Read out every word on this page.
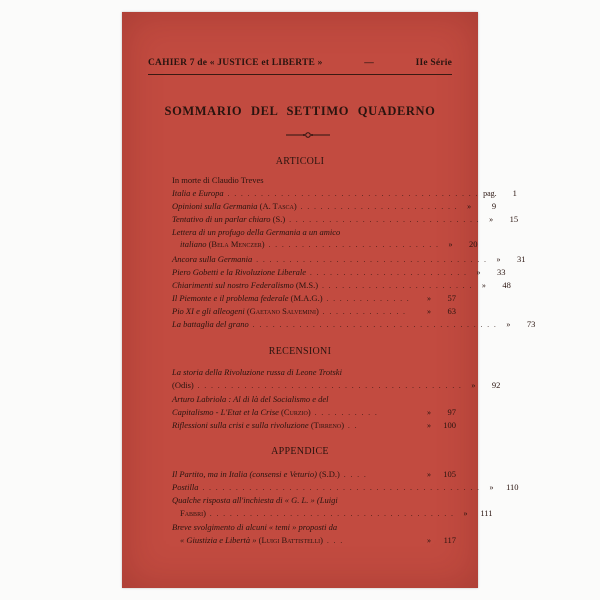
CAHIER 7 de « JUSTICE et LIBERTE »	—	IIe Série
SOMMARIO DEL SETTIMO QUADERNO
ARTICOLI
In morte di Claudio Treves
Italia e Europa . . . . . . . . . . . . . . . . . . . . . . . . . . . . . . . . . . . . . . pag.	1
Opinioni sulla Germania
(A. Tasca) . . . . . . . . . . . . . . . . . . . . . . . .	»	9
Tentativo di un parlar chiaro
(S.) . . . . . . . . . . . . . . . . . . . . . . . . . . . . .	»	15
Lettera di un profugo della Germania a un amico
italiano
(Bela Menczer) . . . . . . . . . . . . . . . . . . . . . . . . . .	»	20
Ancora sulla Germania . . . . . . . . . . . . . . . . . . . . . . . . . . . . . . . . . . .	»	31
Piero Gobetti e la Rivoluzione Liberale . . . . . . . . . . . . . . . . . . . . . . . .	»	33
Chiarimenti sul nostro Federalismo
(M.S.) . . . . . . . . . . . . . . . . . . . . . . .	»	48
Il Piemonte e il problema federale
(M.A.G.) . . . . . . . . . . . . .	»	57
Pio XI e gli alleogeni
(Gaetano Salvemini) . . . . . . . . . . . . .	»	63
La battaglia del grano . . . . . . . . . . . . . . . . . . . . . . . . . . . . . . . . . . . . .	»	73
RECENSIONI
La storia della Rivoluzione russa di Leone Trotski
(Odis) . . . . . . . . . . . . . . . . . . . . . . . . . . . . . . . . . . . . . . . .	»	92
Arturo Labriola : Al di là del Socialismo e del
Capitalismo - L'Etat et la Crise
(Curzio) . . . . . . . . . .	»	97
Riflessioni sulla crisi e sulla rivoluzione
(Tirreno) . .	»	100
APPENDICE
Il Partito, ma in Italia (consensi e Veturio)
(S.D.) . . . .	»	105
Postilla . . . . . . . . . . . . . . . . . . . . . . . . . . . . . . . . . . . . . . . . . .	»	110
Qualche risposta all'inchiesta di « G. L. » (Luigi
Fabbri) . . . . . . . . . . . . . . . . . . . . . . . . . . . . . . . . . . . . .	»	111
Breve svolgimento di alcuni « temi » proposti da
« Giustizia e Libertà »
(Luigi Battistelli) . . .	»	117
